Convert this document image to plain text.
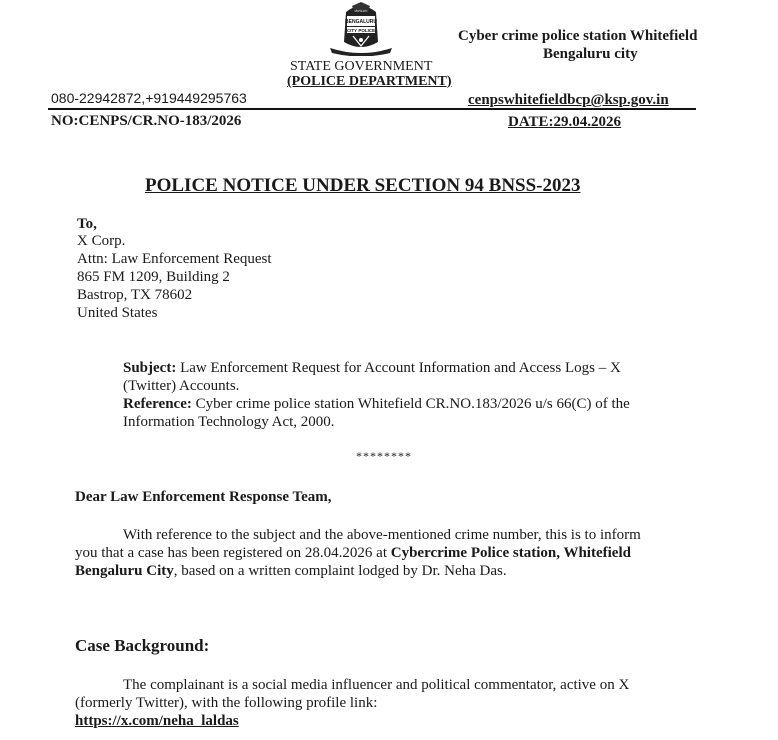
BENGALURU
CITY POLICE
ಬೆಂಗಳೂರು
STATE GOVERNMENT
(POLICE DEPARTMENT)
Cyber crime police station Whitefield
Bengaluru city
080-22942872,+919449295763	cenpswhitefieldbcp@ksp.gov.in
NO:CENPS/CR.NO-183/2026	DATE:29.04.2026
POLICE NOTICE UNDER SECTION 94 BNSS-2023
To,
X Corp.
Attn: Law Enforcement Request
865 FM 1209, Building 2
Bastrop, TX 78602
United States
Subject: Law Enforcement Request for Account Information and Access Logs – X
(Twitter) Accounts.
Reference: Cyber crime police station Whitefield CR.NO.183/2026 u/s 66(C) of the
Information Technology Act, 2000.
********
Dear Law Enforcement Response Team,
With reference to the subject and the above-mentioned crime number, this is to inform
you that a case has been registered on 28.04.2026 at Cybercrime Police station, Whitefield
Bengaluru City, based on a written complaint lodged by Dr. Neha Das.
Case Background:
The complainant is a social media influencer and political commentator, active on X
(formerly Twitter), with the following profile link:
https://x.com/neha_laldas
